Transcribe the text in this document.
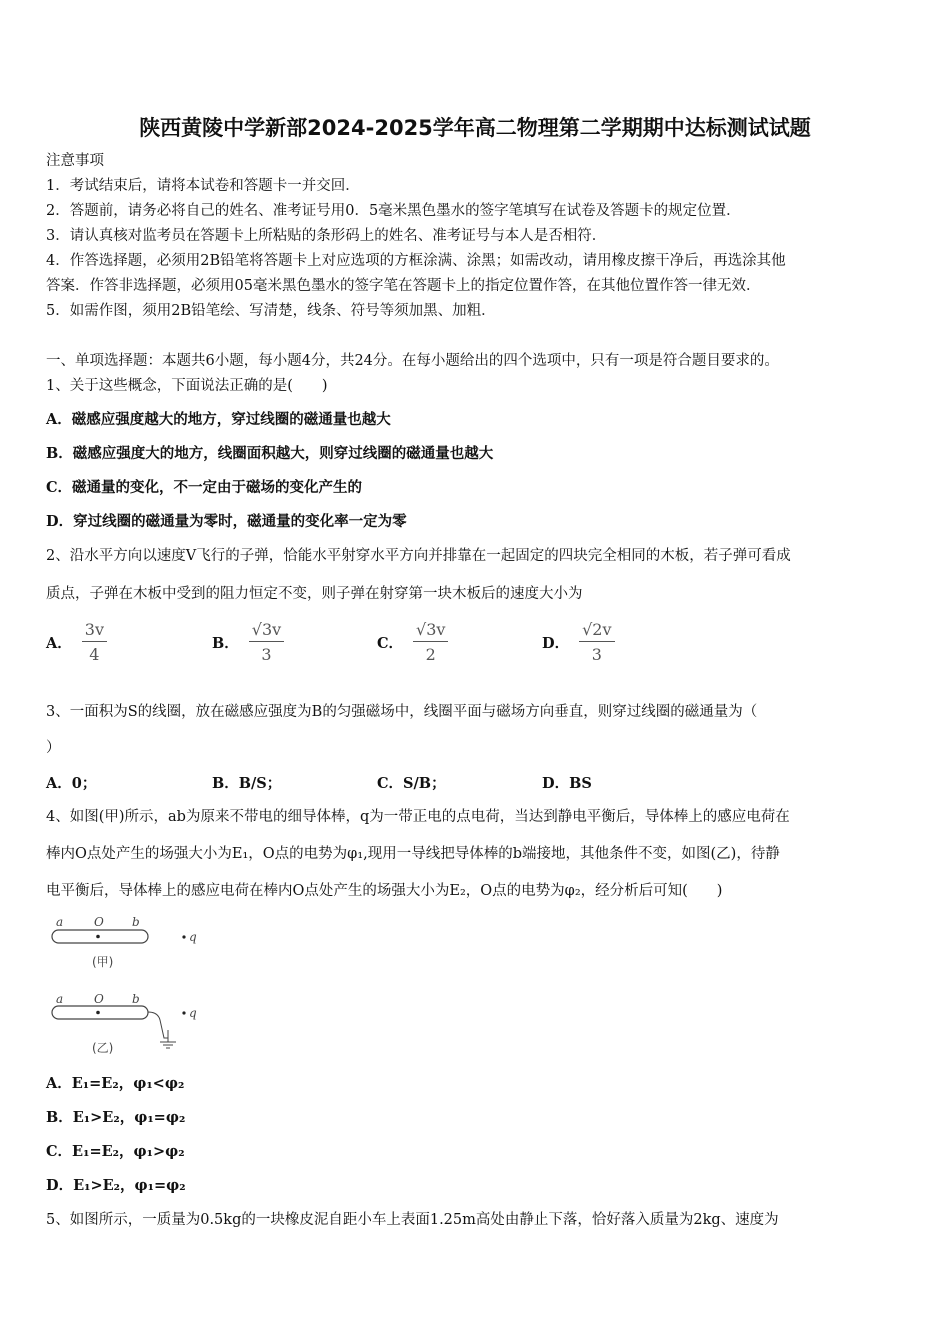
陕西黄陵中学新部2024-2025学年高二物理第二学期期中达标测试试题
注意事项
1．考试结束后，请将本试卷和答题卡一并交回．
2．答题前，请务必将自己的姓名、准考证号用0．5毫米黑色墨水的签字笔填写在试卷及答题卡的规定位置．
3．请认真核对监考员在答题卡上所粘贴的条形码上的姓名、准考证号与本人是否相符．
4．作答选择题，必须用2B铅笔将答题卡上对应选项的方框涂满、涂黑；如需改动，请用橡皮擦干净后，再选涂其他
答案．作答非选择题，必须用05毫米黑色墨水的签字笔在答题卡上的指定位置作答，在其他位置作答一律无效．
5．如需作图，须用2B铅笔绘、写清楚，线条、符号等须加黑、加粗．
一、单项选择题：本题共6小题，每小题4分，共24分。在每小题给出的四个选项中，只有一项是符合题目要求的。
1、关于这些概念，下面说法正确的是(　　)
A．磁感应强度越大的地方，穿过线圈的磁通量也越大
B．磁感应强度大的地方，线圈面积越大，则穿过线圈的磁通量也越大
C．磁通量的变化，不一定由于磁场的变化产生的
D．穿过线圈的磁通量为零时，磁通量的变化率一定为零
2、沿水平方向以速度V飞行的子弹，恰能水平射穿水平方向并排靠在一起固定的四块完全相同的木板，若子弹可看成
质点，子弹在木板中受到的阻力恒定不变，则子弹在射穿第一块木板后的速度大小为
A． $\frac{3v}{4}$	B． $\frac{√3v}{3}$	C． $\frac{√3v}{2}$	D． $\frac{√2v}{3}$
3、一面积为S的线圈，放在磁感应强度为B的匀强磁场中，线圈平面与磁场方向垂直，则穿过线圈的磁通量为（
）
A．0；	B．B/S；	C．S/B；	D．BS
4、如图(甲)所示，ab为原来不带电的细导体棒，q为一带正电的点电荷，当达到静电平衡后，导体棒上的感应电荷在
棒内O点处产生的场强大小为E₁，O点的电势为φ₁,现用一导线把导体棒的b端接地，其他条件不变，如图(乙)，待静
电平衡后，导体棒上的感应电荷在棒内O点处产生的场强大小为E₂，O点的电势为φ₂，经分析后可知(　　)
a	O b
q
(甲)
a	O b
q
(乙)
A．E₁=E₂，φ₁<φ₂
B．E₁>E₂，φ₁=φ₂
C．E₁=E₂，φ₁>φ₂
D．E₁>E₂，φ₁=φ₂
5、如图所示，一质量为0.5kg的一块橡皮泥自距小车上表面1.25m高处由静止下落，恰好落入质量为2kg、速度为
